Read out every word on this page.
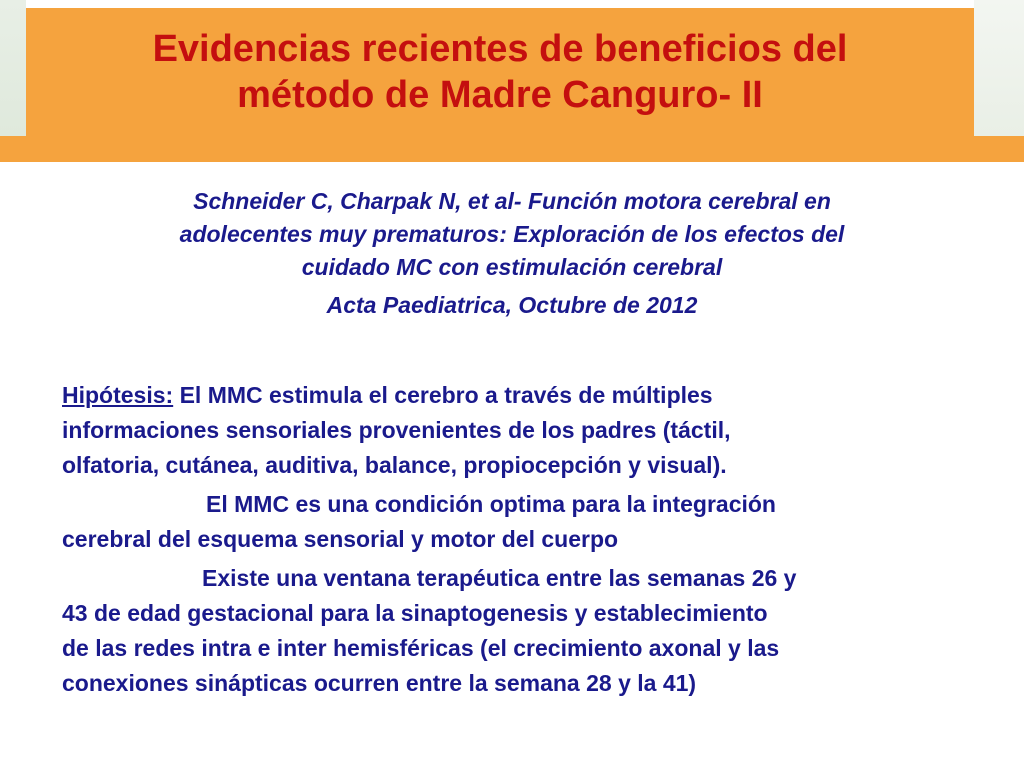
Evidencias recientes de beneficios del
método de Madre Canguro- II

Schneider C, Charpak N, et al- Función motora cerebral en

adolecentes muy prematuros: Exploración de los efectos del

cuidado MC con estimulación cerebral

Acta Paediatrica, Octubre de 2012

Hipótesis: El MMC estimula el cerebro a través de múltiples

informaciones sensoriales provenientes de los padres (táctil,

olfatoria, cutánea, auditiva, balance, propiocepción y visual).

El MMC es una condición optima para la integración

cerebral del esquema sensorial y motor del cuerpo

Existe una ventana terapéutica entre las semanas 26 y

43 de edad gestacional para la sinaptogenesis y establecimiento

de las redes intra e inter hemisféricas (el crecimiento axonal y las

conexiones sinápticas ocurren entre la semana 28 y la 41)
